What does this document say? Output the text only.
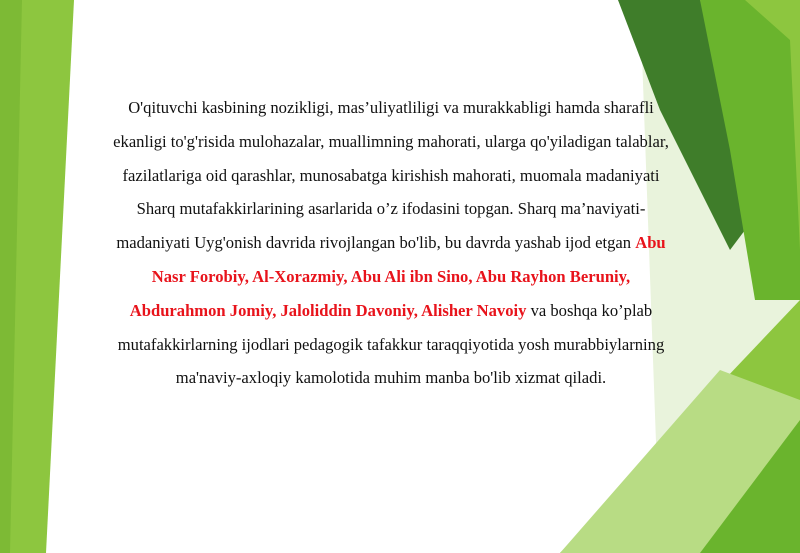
O'qituvchi kasbining nozikligi, mas’uliyatliligi va murakkabligi hamda sharafli ekanligi to'g'risida mulohazalar, muallimning mahorati, ularga qo'yiladigan talablar, fazilatlariga oid qarashlar, munosabatga kirishish mahorati, muomala madaniyati Sharq mutafakkirlarining asarlarida o’z ifodasini topgan. Sharq ma’naviyati-madaniyati Uyg'onish davrida rivojlangan bo'lib, bu davrda yashab ijod etgan Abu Nasr Forobiy, Al-Xorazmiy, Abu Ali ibn Sino, Abu Rayhon Beruniy, Abdurahmon Jomiy, Jaloliddin Davoniy, Alisher Navoiy va boshqa ko’plab mutafakkirlarning ijodlari pedagogik tafakkur taraqqiyotida yosh murabbiylarning ma'naviy-axloqiy kamolotida muhim manba bo'lib xizmat qiladi.
